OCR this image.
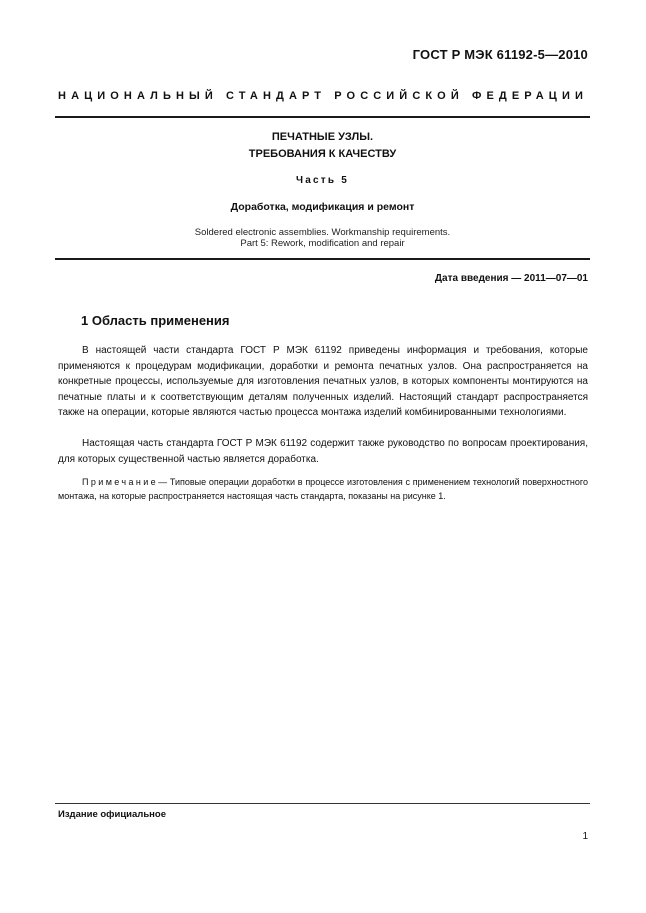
ГОСТ Р МЭК 61192-5—2010
НАЦИОНАЛЬНЫЙ СТАНДАРТ РОССИЙСКОЙ ФЕДЕРАЦИИ
ПЕЧАТНЫЕ УЗЛЫ.
ТРЕБОВАНИЯ К КАЧЕСТВУ
Часть 5
Доработка, модификация и ремонт
Soldered electronic assemblies. Workmanship requirements.
Part 5: Rework, modification and repair
Дата введения — 2011—07—01
1 Область применения
В настоящей части стандарта ГОСТ Р МЭК 61192 приведены информация и требования, которые применяются к процедурам модификации, доработки и ремонта печатных узлов. Она распространяется на конкретные процессы, используемые для изготовления печатных узлов, в которых компоненты монтируются на печатные платы и к соответствующим деталям полученных изделий. Настоящий стандарт распространяется также на операции, которые являются частью процесса монтажа изделий комбинированными технологиями.
Настоящая часть стандарта ГОСТ Р МЭК 61192 содержит также руководство по вопросам проектирования, для которых существенной частью является доработка.
Примечание— Типовые операции доработки в процессе изготовления с применением технологий поверхностного монтажа, на которые распространяется настоящая часть стандарта, показаны на рисунке 1.
Издание официальное
1
